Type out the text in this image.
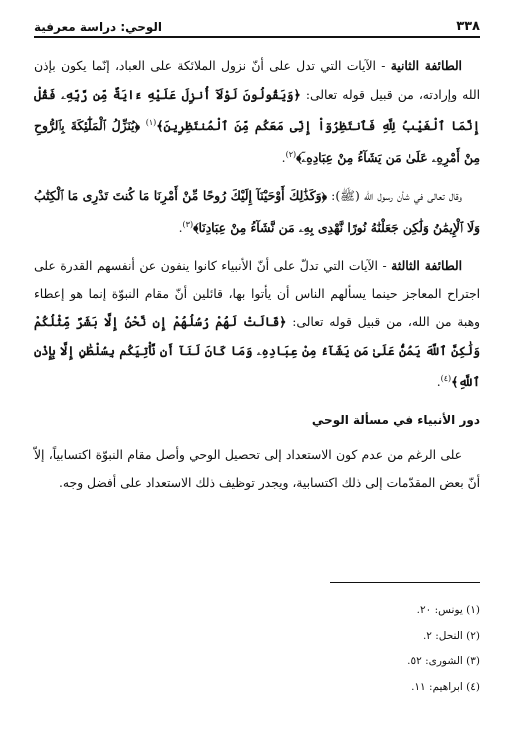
٣٣٨
الوحي: دراسة معرفية

الطائفة الثانية - الآيات التي تدل على أنّ نزول الملائكة على العباد، إنّما يكون بإذن الله وإرادته، من قبيل قوله تعالى: ﴿وَيَقُولُونَ لَوْلَآ أُنزِلَ عَلَيْهِ ءَايَةٌ مِّن رَّبِّهِۦ فَقُلْ إِنَّمَا ٱلْغَيْبُ لِلَّهِ فَٱنتَظِرُوٓاْ إِنِّى مَعَكُم مِّنَ ٱلْمُنتَظِرِينَ﴾$^{(١)}$ ﴿يُنَزِّلُ ٱلْمَلَٰٓئِكَةَ بِٱلرُّوحِ مِنْ أَمْرِهِۦ عَلَىٰ مَن يَشَآءُ مِنْ عِبَادِهِۦٓ﴾$^{(٢)}$.

وقال تعالى في شأن رسول الله (ﷺ): ﴿وَكَذَٰلِكَ أَوْحَيْنَآ إِلَيْكَ رُوحًا مِّنْ أَمْرِنَا مَا كُنتَ تَدْرِى مَا ٱلْكِتَٰبُ وَلَا ٱلْإِيمَٰنُ وَلَٰكِن جَعَلْنَٰهُ نُورًا نَّهْدِى بِهِۦ مَن نَّشَآءُ مِنْ عِبَادِنَا﴾$^{(٣)}$.

الطائفة الثالثة - الآيات التي تدلّ على أنّ الأنبياء كانوا ينفون عن أنفسهم القدرة على اجتراح المعاجز حينما يسألهم الناس أن يأتوا بها، قائلين أنّ مقام النبوّة إنما هو إعطاء وهبة من الله، من قبيل قوله تعالى: ﴿قَالَتْ لَهُمْ رُسُلُهُمْ إِن نَّحْنُ إِلَّا بَشَرٌ مِّثْلُكُمْ وَلَٰكِنَّ ٱللَّهَ يَمُنُّ عَلَىٰ مَن يَشَآءُ مِنْ عِبَادِهِۦ وَمَا كَانَ لَنَآ أَن نَّأْتِيَكُم بِسُلْطَٰنٍ إِلَّا بِإِذْنِ ٱللَّهِ﴾$^{(٤)}$.

دور الأنبياء في مسألة الوحي

على الرغم من عدم كون الاستعداد إلى تحصيل الوحي وأصل مقام النبوّة اكتسابياً، إلاّ أنّ بعض المقدّمات إلى ذلك اكتسابية، ويجدر توظيف ذلك الاستعداد على أفضل وجه.

(١) يونس: ٢٠.
(٢) النحل: ٢.
(٣) الشورى: ٥٢.
(٤) ابراهيم: ١١.
